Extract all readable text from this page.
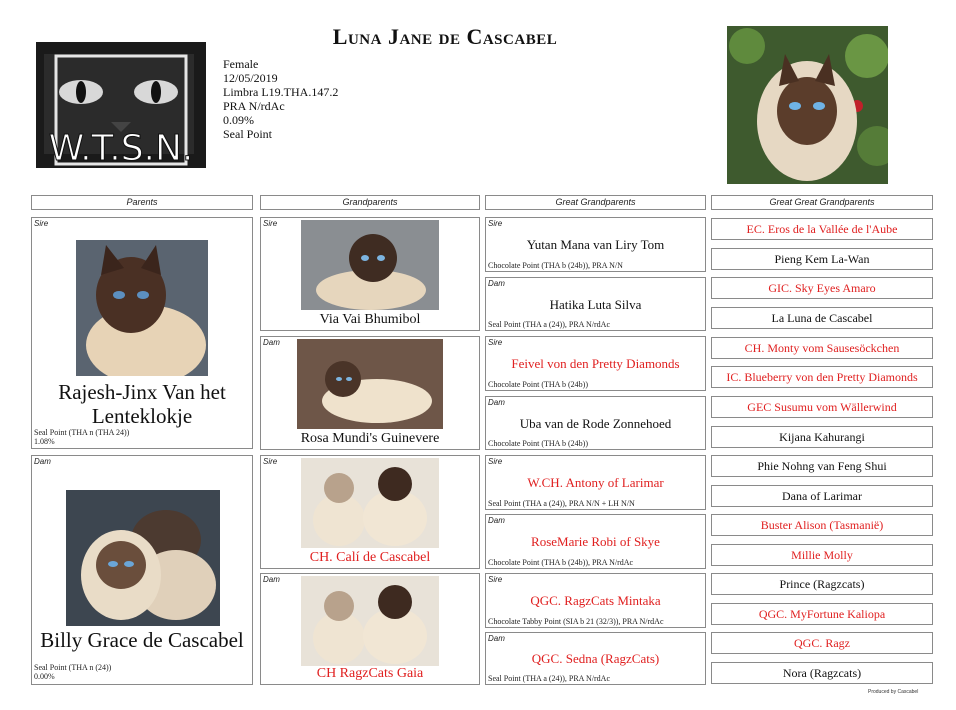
Luna Jane de Cascabel
Female
12/05/2019
Limbra L19.THA.147.2
PRA N/rdAc
0.09%
Seal Point
W.T.S.N.
Parents	Grandparents	Great Grandparents	Great Great Grandparents
Sire
Rajesh-Jinx Van het Lenteklokje
Seal Point (THA n (THA 24))
1.08%
Dam
Billy Grace de Cascabel
Seal Point (THA n (24))
0.00%
Sire
Via Vai Bhumibol
Dam
Rosa Mundi's Guinevere
Sire
CH. Calí de Cascabel
Dam
CH RagzCats Gaia
Sire
Yutan Mana van Liry Tom
Chocolate Point (THA b (24b)), PRA N/N
Dam
Hatika Luta Silva
Seal Point (THA a (24)), PRA N/rdAc
Sire
Feivel von den Pretty Diamonds
Chocolate Point (THA b (24b))
Dam
Uba van de Rode Zonnehoed
Chocolate Point (THA b (24b))
Sire
W.CH. Antony of Larimar
Seal Point (THA a (24)), PRA N/N + LH N/N
Dam
RoseMarie Robi of Skye
Chocolate Point (THA b (24b)), PRA N/rdAc
Sire
QGC. RagzCats Mintaka
Chocolate Tabby Point (SIA b 21 (32/3)), PRA N/rdAc
Dam
QGC. Sedna (RagzCats)
Seal Point (THA a (24)), PRA N/rdAc
EC. Eros de la Vallée de l'Aube
Pieng Kem La-Wan
GIC. Sky Eyes Amaro
La Luna de Cascabel
CH. Monty vom Sausesöckchen
IC. Blueberry von den Pretty Diamonds
GEC Susumu vom Wällerwind
Kijana Kahurangi
Phie Nohng van Feng Shui
Dana of Larimar
Buster Alison (Tasmanië)
Millie Molly
Prince (Ragzcats)
QGC. MyFortune Kaliopa
QGC. Ragz
Nora (Ragzcats)
Produced by Cascabel
